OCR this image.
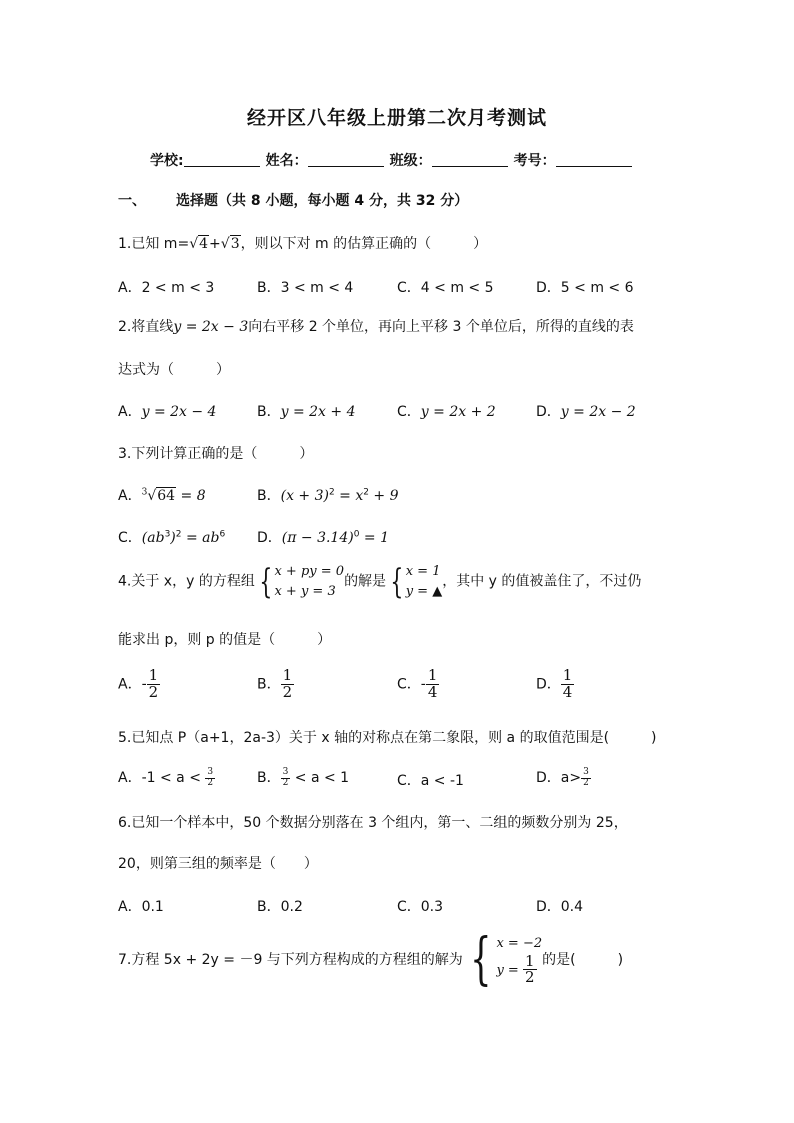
经开区八年级上册第二次月考测试
学校:	姓名：	班级：	考号：
一、 选择题（共 8 小题，每小题 4 分，共 32 分）
1.已知 m=√4+√3，则以下对 m 的估算正确的（　　　）
A．2 < m < 3	B．3 < m < 4	C．4 < m < 5	D．5 < m < 6
2.将直线y = 2x − 3向右平移 2 个单位，再向上平移 3 个单位后，所得的直线的表
达式为（　　　）
A．y = 2x − 4	B．y = 2x + 4	C．y = 2x + 2	D．y = 2x − 2
3.下列计算正确的是（　　　）
A．$^3$√64 = 8	B．$(x + 3)^2 = x^2 + 9$
C．$(ab^3)^2 = ab^6$ D．$(\pi - 3.14)^0 = 1$
4.关于 x，y 的方程组 { x + py = 0
x + y = 3
的解是 { x = 1
y = ▲
，其中 y 的值被盖住了，不过仍
能求出 p，则 p 的值是（　　　）
A．- $\frac{1}{2}$	B． $\frac{1}{2}$	C．- $\frac{1}{4}$	D． $\frac{1}{4}$
5.已知点 P（a+1，2a-3）关于 x 轴的对称点在第二象限，则 a 的取值范围是(　　　)
A．$-1 < a < \frac{3}{2}$	B． $\frac{3}{2} < a < 1$	C．a < -1	D．$a> \frac{3}{2}$
6.已知一个样本中，50 个数据分别落在 3 个组内，第一、二组的频数分别为 25，
20，则第三组的频率是（　　）
A．0.1	B．0.2	C．0.3	D．0.4
7.方程 5x + 2y = －9 与下列方程构成的方程组的解为 { x = −2
$y = \frac{1}{2}$ 的是(　　　)
